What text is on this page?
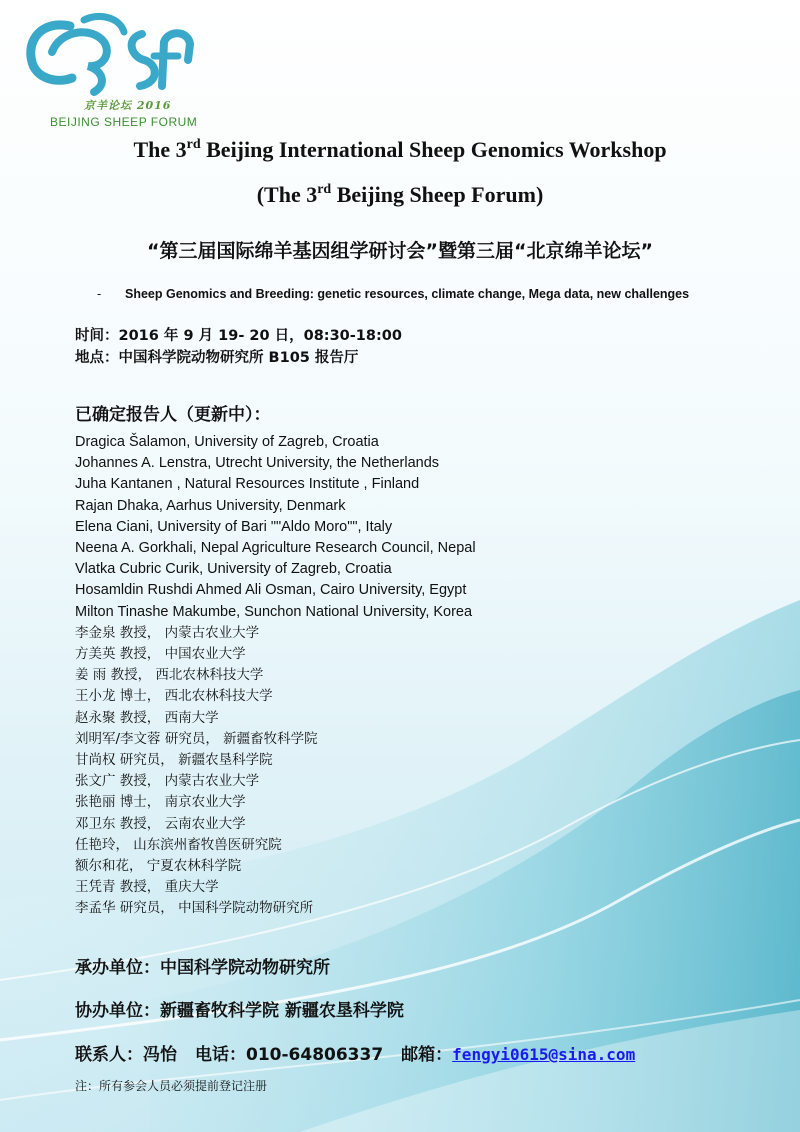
京羊论坛 2016
BEIJING SHEEP FORUM
The 3rd Beijing International Sheep Genomics Workshop
(The 3rd Beijing Sheep Forum)
“第三届国际绵羊基因组学研讨会”暨第三届“北京绵羊论坛”
- Sheep Genomics and Breeding: genetic resources, climate change, Mega data, new challenges
时间：2016 年 9 月 19- 20 日，08:30-18:00
地点：中国科学院动物研究所 B105 报告厅
已确定报告人（更新中）：
Dragica Šalamon, University of Zagreb, Croatia
Johannes A. Lenstra, Utrecht University, the Netherlands
Juha Kantanen , Natural Resources Institute , Finland
Rajan Dhaka, Aarhus University, Denmark
Elena Ciani, University of Bari ""Aldo Moro"", Italy
Neena A. Gorkhali, Nepal Agriculture Research Council, Nepal
Vlatka Cubric Curik, University of Zagreb, Croatia
Hosamldin Rushdi Ahmed Ali Osman, Cairo University, Egypt
Milton Tinashe Makumbe, Sunchon National University, Korea
李金泉 教授， 内蒙古农业大学
方美英 教授， 中国农业大学
姜 雨 教授， 西北农林科技大学
王小龙 博士， 西北农林科技大学
赵永聚 教授， 西南大学
刘明军/李文蓉 研究员， 新疆畜牧科学院
甘尚权 研究员， 新疆农垦科学院
张文广 教授， 内蒙古农业大学
张艳丽 博士， 南京农业大学
邓卫东 教授， 云南农业大学
任艳玲， 山东滨州畜牧兽医研究院
额尔和花， 宁夏农林科学院
王凭青 教授， 重庆大学
李孟华 研究员， 中国科学院动物研究所
承办单位：中国科学院动物研究所
协办单位：新疆畜牧科学院 新疆农垦科学院
联系人：冯怡 电话：010-64806337 邮箱：fengyi0615@sina.com
注：所有参会人员必须提前登记注册
